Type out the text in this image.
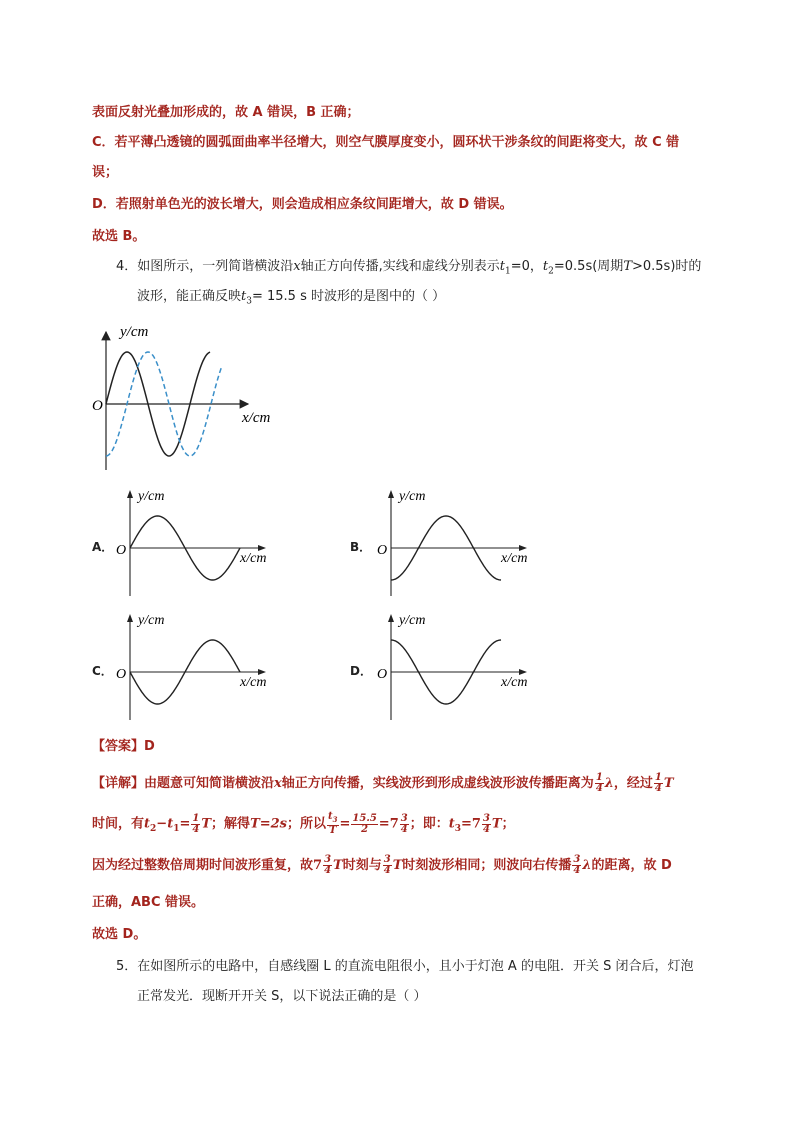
表面反射光叠加形成的，故 A 错误，B 正确；
C．若平薄凸透镜的圆弧面曲率半径增大，则空气膜厚度变小，圆环状干涉条纹的间距将变大，故 C 错
误；
D．若照射单色光的波长增大，则会造成相应条纹间距增大，故 D 错误。
故选 B。
4．如图所示，一列简谐横波沿x轴正方向传播,实线和虚线分别表示$t_1=0$，$t_2=0.5s$(周期T>0.5s)时的
波形，能正确反映$t_3= 15.5$ s 时波形的是图中的（ ）
y/cm
x/cm
O
A．	B．
C．	D．
y/cm
x/cm
O
y/cm
x/cm
O
y/cm
x/cm
O
y/cm
x/cm
O
【答案】D
【详解】由题意可知简谐横波沿x轴正方向传播，实线波形到形成虚线波形波传播距离为 $\frac{1}{4}$ λ，经过 $\frac{1}{4}$ T
时间，有$t_2-t_1= \frac{1}{4}$ T；解得T=2s；所以 $\frac{t_3}{T} = \frac{15.5}{2} =7 \frac{3}{4}$ ；即：$t_3=7 \frac{3}{4}$ T；
因为经过整数倍周期时间波形重复，故$7 \frac{3}{4}$ T时刻与 $\frac{3}{4}$ T时刻波形相同；则波向右传播 $\frac{3}{4}$ λ的距离，故 D
正确，ABC 错误。
故选 D。
5．在如图所示的电路中，自感线圈 L 的直流电阻很小，且小于灯泡 A 的电阻．开关 S 闭合后，灯泡
正常发光．现断开开关 S，以下说法正确的是（ ）
